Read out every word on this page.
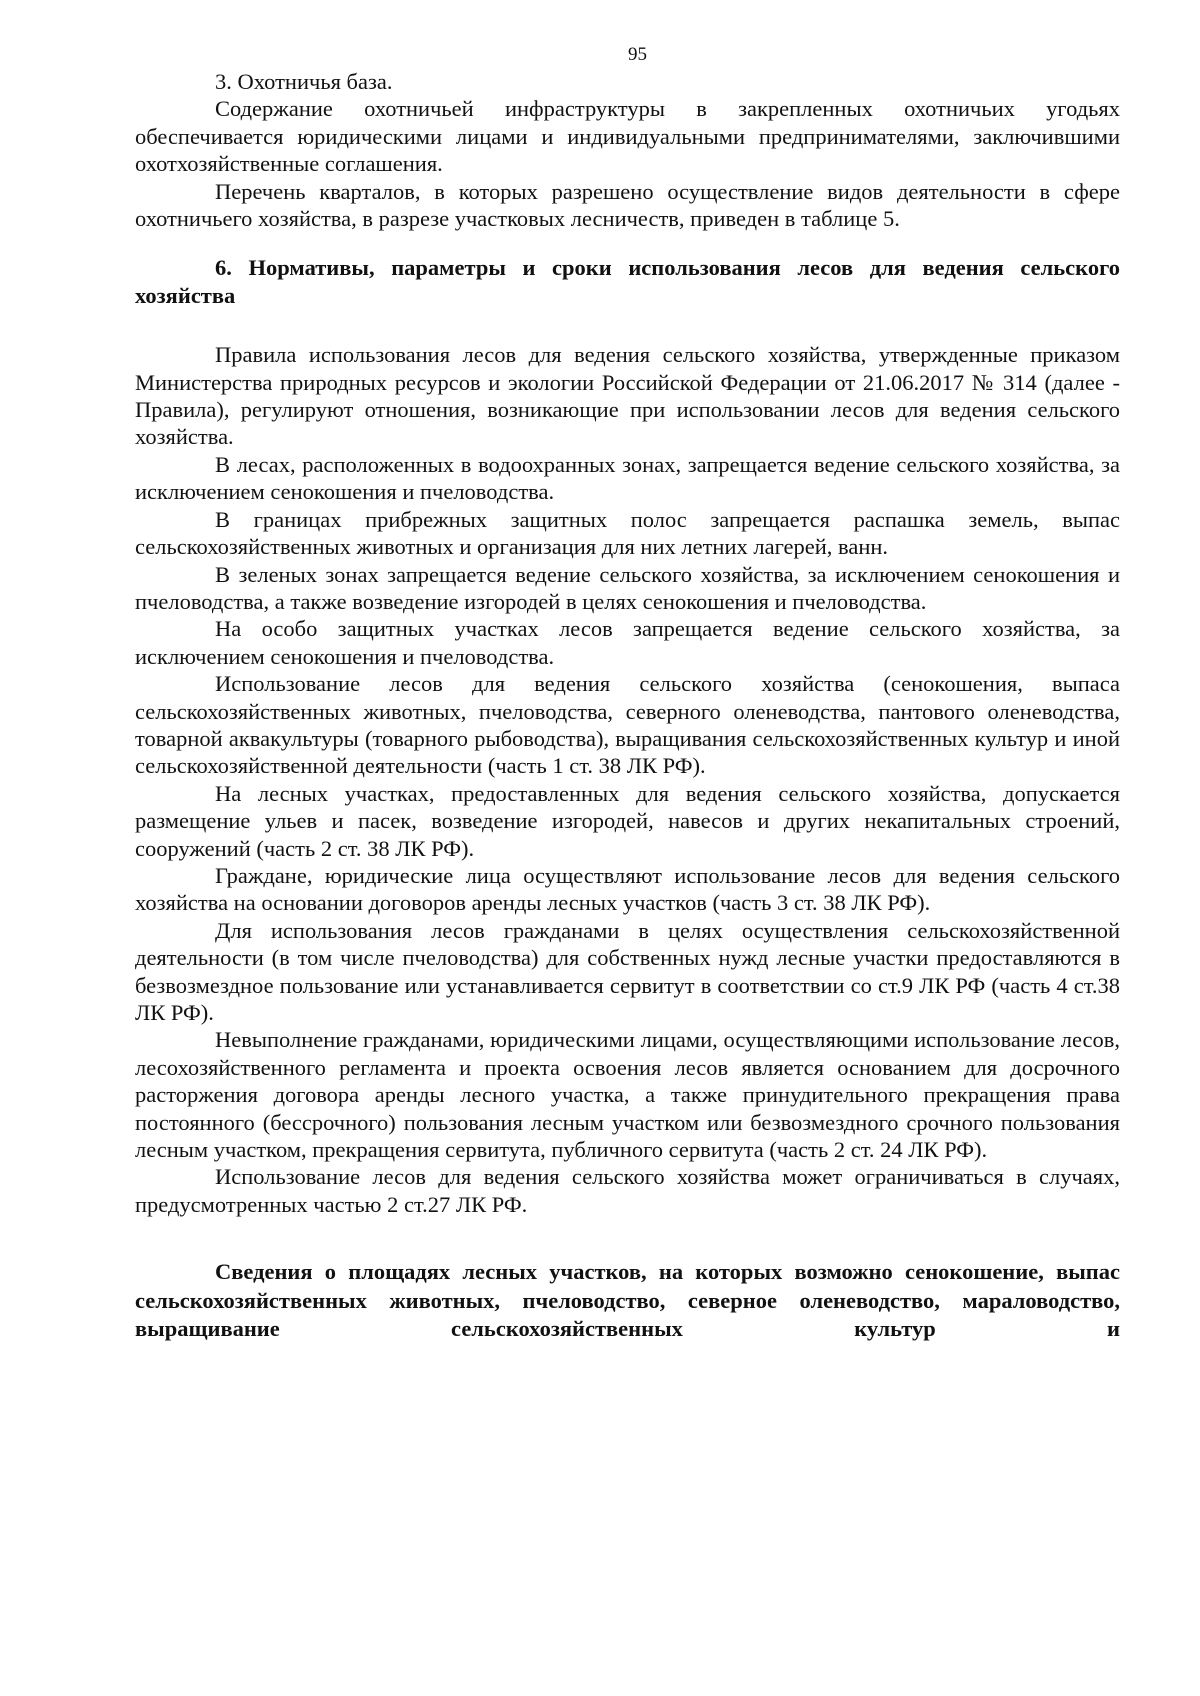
95

3. Охотничья база.

Содержание охотничьей инфраструктуры в закрепленных охотничьих угодьях обеспечивается юридическими лицами и индивидуальными предпринимателями, заключившими охотхозяйственные соглашения.

Перечень кварталов, в которых разрешено осуществление видов деятельности в сфере охотничьего хозяйства, в разрезе участковых лесничеств, приведен в таблице 5.

6. Нормативы, параметры и сроки использования лесов для ведения сельского хозяйства

Правила использования лесов для ведения сельского хозяйства, утвержденные приказом Министерства природных ресурсов и экологии Российской Федерации от 21.06.2017 № 314 (далее - Правила), регулируют отношения, возникающие при использовании лесов для ведения сельского хозяйства.

В лесах, расположенных в водоохранных зонах, запрещается ведение сельского хозяйства, за исключением сенокошения и пчеловодства.

В границах прибрежных защитных полос запрещается распашка земель, выпас сельскохозяйственных животных и организация для них летних лагерей, ванн.

В зеленых зонах запрещается ведение сельского хозяйства, за исключением сенокошения и пчеловодства, а также возведение изгородей в целях сенокошения и пчеловодства.

На особо защитных участках лесов запрещается ведение сельского хозяйства, за исключением сенокошения и пчеловодства.

Использование лесов для ведения сельского хозяйства (сенокошения, выпаса сельскохозяйственных животных, пчеловодства, северного оленеводства, пантового оленеводства, товарной аквакультуры (товарного рыбоводства), выращивания сельскохозяйственных культур и иной сельскохозяйственной деятельности (часть 1 ст. 38 ЛК РФ).

На лесных участках, предоставленных для ведения сельского хозяйства, допускается размещение ульев и пасек, возведение изгородей, навесов и других некапитальных строений, сооружений (часть 2 ст. 38 ЛК РФ).

Граждане, юридические лица осуществляют использование лесов для ведения сельского хозяйства на основании договоров аренды лесных участков (часть 3 ст. 38 ЛК РФ).

Для использования лесов гражданами в целях осуществления сельскохозяйственной деятельности (в том числе пчеловодства) для собственных нужд лесные участки предоставляются в безвозмездное пользование или устанавливается сервитут в соответствии со ст.9 ЛК РФ (часть 4 ст.38 ЛК РФ).

Невыполнение гражданами, юридическими лицами, осуществляющими использование лесов, лесохозяйственного регламента и проекта освоения лесов является основанием для досрочного расторжения договора аренды лесного участка, а также принудительного прекращения права постоянного (бессрочного) пользования лесным участком или безвозмездного срочного пользования лесным участком, прекращения сервитута, публичного сервитута (часть 2 ст. 24 ЛК РФ).

Использование лесов для ведения сельского хозяйства может ограничиваться в случаях, предусмотренных частью 2 ст.27 ЛК РФ.

Сведения о площадях лесных участков, на которых возможно сенокошение, выпас сельскохозяйственных животных, пчеловодство, северное оленеводство, мараловодство, выращивание сельскохозяйственных культур и
